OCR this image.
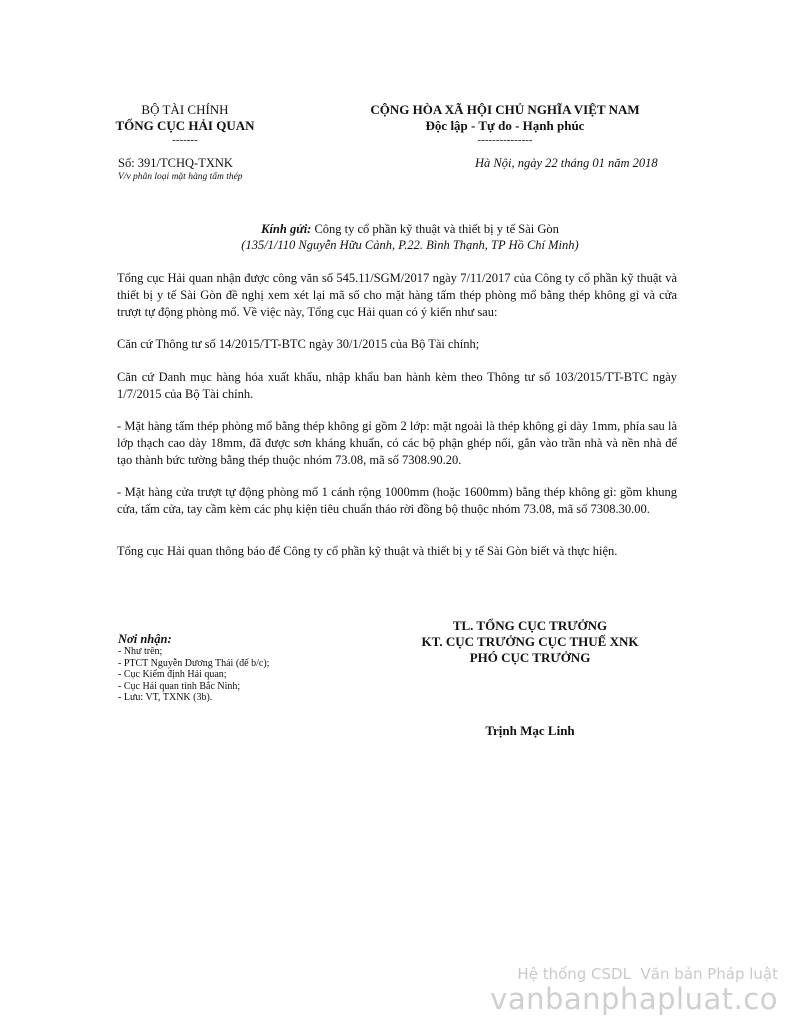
BỘ TÀI CHÍNH
TỔNG CỤC HẢI QUAN
-------
CỘNG HÒA XÃ HỘI CHỦ NGHĨA VIỆT NAM
Độc lập - Tự do - Hạnh phúc
---------------
Số: 391/TCHQ-TXNK
V/v phân loại mặt hàng tấm thép
Hà Nội, ngày 22 tháng 01 năm 2018
Kính gửi: Công ty cổ phần kỹ thuật và thiết bị y tế Sài Gòn
(135/1/110 Nguyễn Hữu Cảnh, P.22. Bình Thạnh, TP Hồ Chí Minh)
Tổng cục Hải quan nhận được công văn số 545.11/SGM/2017 ngày 7/11/2017 của Công ty cổ phần kỹ thuật và thiết bị y tế Sài Gòn đề nghị xem xét lại mã số cho mặt hàng tấm thép phòng mổ bằng thép không gỉ và cửa trượt tự động phòng mổ. Về việc này, Tổng cục Hải quan có ý kiến như sau:
Căn cứ Thông tư số 14/2015/TT-BTC ngày 30/1/2015 của Bộ Tài chính;
Căn cứ Danh mục hàng hóa xuất khẩu, nhập khẩu ban hành kèm theo Thông tư số 103/2015/TT-BTC ngày 1/7/2015 của Bộ Tài chính.
- Mặt hàng tấm thép phòng mổ bằng thép không gỉ gồm 2 lớp: mặt ngoài là thép không gỉ dày 1mm, phía sau là lớp thạch cao dày 18mm, đã được sơn kháng khuẩn, có các bộ phận ghép nối, gắn vào trần nhà và nền nhà để tạo thành bức tường bằng thép thuộc nhóm 73.08, mã số 7308.90.20.
- Mặt hàng cửa trượt tự động phòng mổ 1 cánh rộng 1000mm (hoặc 1600mm) bằng thép không gỉ: gồm khung cửa, tấm cửa, tay cầm kèm các phụ kiện tiêu chuẩn tháo rời đồng bộ thuộc nhóm 73.08, mã số 7308.30.00.
Tổng cục Hải quan thông báo để Công ty cổ phần kỹ thuật và thiết bị y tế Sài Gòn biết và thực hiện.
TL. TỔNG CỤC TRƯỞNG
KT. CỤC TRƯỞNG CỤC THUẾ XNK
PHÓ CỤC TRƯỞNG
Trịnh Mạc Linh
Nơi nhận:
- Như trên;
- PTCT Nguyễn Dương Thái (để b/c);
- Cục Kiểm định Hải quan;
- Cục Hải quan tỉnh Bắc Ninh;
- Lưu: VT, TXNK (3b).
Hệ thống CSDL  Văn bản Pháp luật
vanbanphapluat.co
